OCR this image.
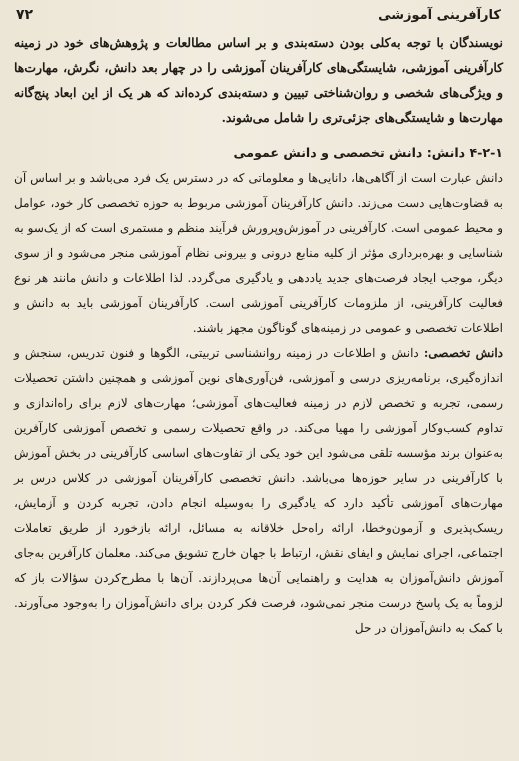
کارآفرینی آموزشی
۷۲

نویسندگان با توجه به‌کلی بودن دسته‌بندی و بر اساس مطالعات و پژوهش‌های خود در زمینه کارآفرینی آموزشی، شایستگی‌های کارآفرینان آموزشی را در چهار بعد دانش، نگرش، مهارت‌ها و ویژگی‌های شخصی و روان‌شناختی تبیین و دسته‌بندی کرده‌اند که هر یک از این ابعاد پنج‌گانه مهارت‌ها و شایستگی‌های جزئی‌تری را شامل می‌شوند.

۴-۲-۱ دانش: دانش تخصصی و دانش عمومی

دانش عبارت است از آگاهی‌ها، دانایی‌ها و معلوماتی که در دسترس یک فرد می‌باشد و بر اساس آن به قضاوت‌هایی دست می‌زند. دانش کارآفرینان آموزشی مربوط به حوزه تخصصی کار خود، عوامل و محیط عمومی است. کارآفرینی در آموزش‌وپرورش فرآیند منظم و مستمری است که از یک‌سو به شناسایی و بهره‌برداری مؤثر از کلیه منابع درونی و بیرونی نظام آموزشی منجر می‌شود و از سوی دیگر، موجب ایجاد فرصت‌های جدید یاددهی و یادگیری می‌گردد. لذا اطلاعات و دانش مانند هر نوع فعالیت کارآفرینی، از ملزومات کارآفرینی آموزشی است. کارآفرینان آموزشی باید به دانش و اطلاعات تخصصی و عمومی در زمینه‌های گوناگون مجهز باشند.

دانش تخصصی: دانش و اطلاعات در زمینه روانشناسی تربیتی، الگوها و فنون تدریس، سنجش و اندازه‌گیری، برنامه‌ریزی درسی و آموزشی، فن‌آوری‌های نوین آموزشی و همچنین داشتن تحصیلات رسمی، تجربه و تخصص لازم در زمینه فعالیت‌های آموزشی؛ مهارت‌های لازم برای راه‌اندازی و تداوم کسب‌وکار آموزشی را مهیا می‌کند. در واقع تحصیلات رسمی و تخصص آموزشی کارآفرین به‌عنوان برند مؤسسه تلقی می‌شود این خود یکی از تفاوت‌های اساسی کارآفرینی در بخش آموزش با کارآفرینی در سایر حوزه‌ها می‌باشد. دانش تخصصی کارآفرینان آموزشی در کلاس درس بر مهارت‌های آموزشی تأکید دارد که یادگیری را به‌وسیله انجام دادن، تجربه کردن و آزمایش، ریسک‌پذیری و آزمون‌وخطا، ارائه راه‌حل خلاقانه به مسائل، ارائه بازخورد از طریق تعاملات اجتماعی، اجرای نمایش و ایفای نقش، ارتباط با جهان خارج تشویق می‌کند. معلمان کارآفرین به‌جای آموزش دانش‌آموزان به هدایت و راهنمایی آن‌ها می‌پردازند. آن‌ها با مطرح‌کردن سؤالات باز که لزوماً به یک پاسخ درست منجر نمی‌شود، فرصت فکر کردن برای دانش‌آموزان را به‌وجود می‌آورند. با کمک به دانش‌آموزان در حل
